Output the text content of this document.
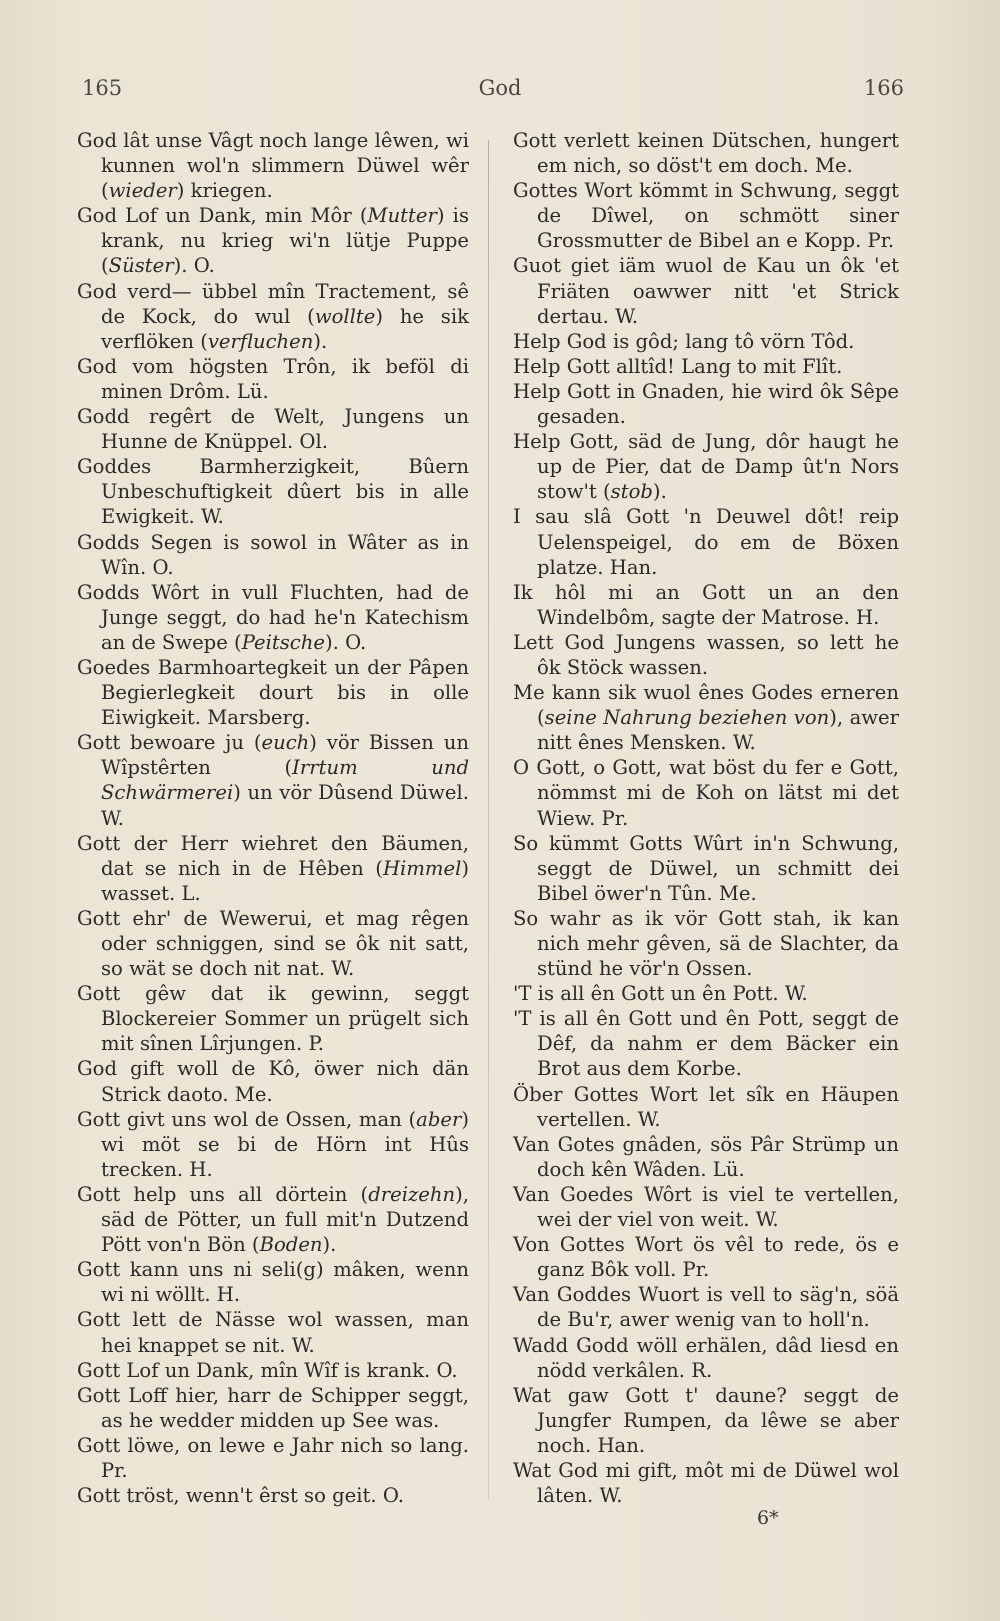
165	God	166

God lât unse Vâgt noch lange lêwen, wi kunnen wol'n slimmern Düwel wêr (wieder) kriegen.

God Lof un Dank, min Môr (Mutter) is krank, nu krieg wi'n lütje Puppe (Süster). O.

God verd— übbel mîn Tractement, sê de Kock, do wul (wollte) he sik verflöken (verfluchen).

God vom högsten Trôn, ik beföl di minen Drôm. Lü.

Godd regêrt de Welt, Jungens un Hunne de Knüppel. Ol.

Goddes Barmherzigkeit, Bûern Unbeschuftigkeit dûert bis in alle Ewigkeit. W.

Godds Segen is sowol in Wâter as in Wîn. O.

Godds Wôrt in vull Fluchten, had de Junge seggt, do had he'n Katechism an de Swepe (Peitsche). O.

Goedes Barmhoartegkeit un der Pâpen Begierlegkeit dourt bis in olle Eiwigkeit. Marsberg.

Gott bewoare ju (euch) vör Bissen un Wîpstêrten (Irrtum und Schwärmerei) un vör Dûsend Düwel. W.

Gott der Herr wiehret den Bäumen, dat se nich in de Hêben (Himmel) wasset. L.

Gott ehr' de Wewerui, et mag rêgen oder schniggen, sind se ôk nit satt, so wät se doch nit nat. W.

Gott gêw dat ik gewinn, seggt Blockereier Sommer un prügelt sich mit sînen Lîrjungen. P.

God gift woll de Kô, öwer nich dän Strick daoto. Me.

Gott givt uns wol de Ossen, man (aber) wi möt se bi de Hörn int Hûs trecken. H.

Gott help uns all dörtein (dreizehn), säd de Pötter, un full mit'n Dutzend Pött von'n Bön (Boden).

Gott kann uns ni seli(g) mâken, wenn wi ni wöllt. H.

Gott lett de Nässe wol wassen, man hei knappet se nit. W.

Gott Lof un Dank, mîn Wîf is krank. O.

Gott Loff hier, harr de Schipper seggt, as he wedder midden up See was.

Gott löwe, on lewe e Jahr nich so lang. Pr.

Gott tröst, wenn't êrst so geit. O.

Gott verlett keinen Dütschen, hungert em nich, so döst't em doch. Me.

Gottes Wort kömmt in Schwung, seggt de Dîwel, on schmött siner Grossmutter de Bibel an e Kopp. Pr.

Guot giet iäm wuol de Kau un ôk 'et Friäten oawwer nitt 'et Strick dertau. W.

Help God is gôd; lang tô vörn Tôd.

Help Gott alltîd! Lang to mit Flît.

Help Gott in Gnaden, hie wird ôk Sêpe gesaden.

Help Gott, säd de Jung, dôr haugt he up de Pier, dat de Damp ût'n Nors stow't (stob).

I sau slâ Gott 'n Deuwel dôt! reip Uelenspeigel, do em de Böxen platze. Han.

Ik hôl mi an Gott un an den Windelbôm, sagte der Matrose. H.

Lett God Jungens wassen, so lett he ôk Stöck wassen.

Me kann sik wuol ênes Godes erneren (seine Nahrung beziehen von), awer nitt ênes Mensken. W.

O Gott, o Gott, wat böst du fer e Gott, nömmst mi de Koh on lätst mi det Wiew. Pr.

So kümmt Gotts Wûrt in'n Schwung, seggt de Düwel, un schmitt dei Bibel öwer'n Tûn. Me.

So wahr as ik vör Gott stah, ik kan nich mehr gêven, sä de Slachter, da stünd he vör'n Ossen.

'T is all ên Gott un ên Pott. W.

'T is all ên Gott und ên Pott, seggt de Dêf, da nahm er dem Bäcker ein Brot aus dem Korbe.

Öber Gottes Wort let sîk en Häupen vertellen. W.

Van Gotes gnâden, sös Pâr Strümp un doch kên Wâden. Lü.

Van Goedes Wôrt is viel te vertellen, wei der viel von weit. W.

Von Gottes Wort ös vêl to rede, ös e ganz Bôk voll. Pr.

Van Goddes Wuort is vell to säg'n, söä de Bu'r, awer wenig van to holl'n.

Wadd Godd wöll erhälen, dâd liesd en nödd verkâlen. R.

Wat gaw Gott t' daune? seggt de Jungfer Rumpen, da lêwe se aber noch. Han.

Wat God mi gift, môt mi de Düwel wol lâten. W.

6*
